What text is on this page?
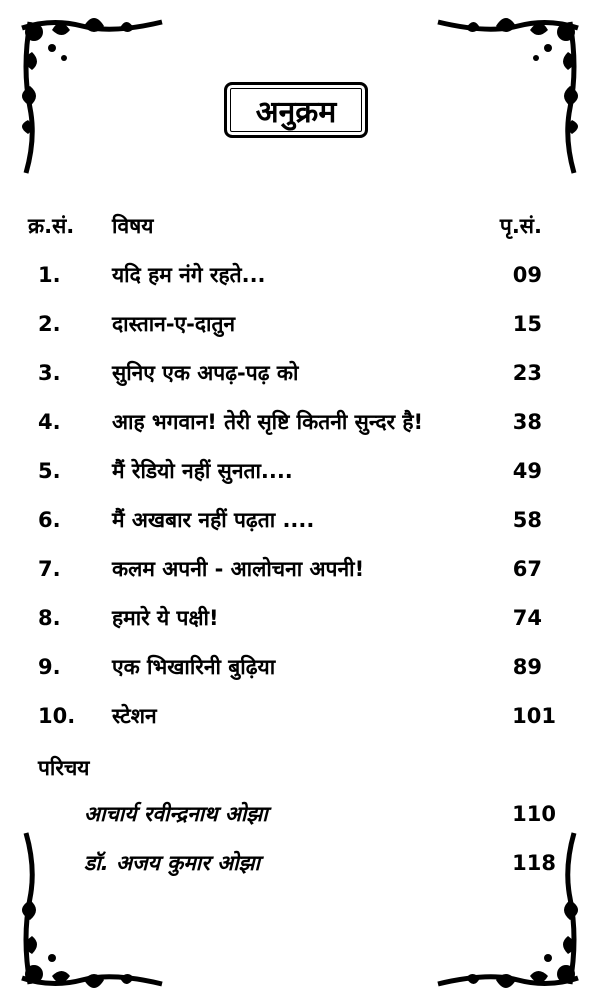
अनुक्रम
क्र.सं. विषय	पृ.सं.
1. यदि हम नंगे रहते...	09
2. दास्तान-ए-दातुन	15
3. सुनिए एक अपढ़-पढ़ को	23
4. आह भगवान! तेरी सृष्टि कितनी सुन्दर है!	38
5. मैं रेडियो नहीं सुनता....	49
6. मैं अखबार नहीं पढ़ता ....	58
7. कलम अपनी - आलोचना अपनी!	67
8. हमारे ये पक्षी!	74
9. एक भिखारिनी बुढ़िया	89
10. स्टेशन	101
परिचय
आचार्य रवीन्द्रनाथ ओझा	110
डॉ. अजय कुमार ओझा	118
